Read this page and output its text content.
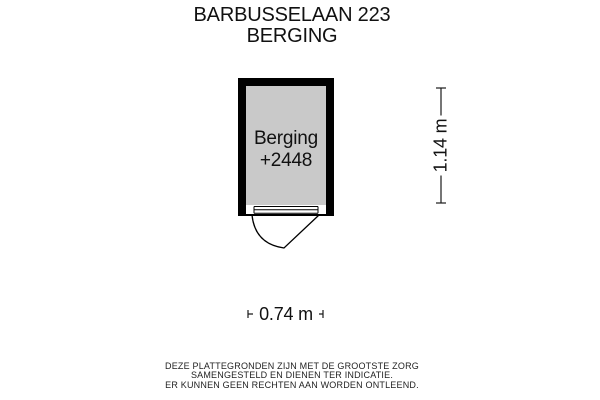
BARBUSSELAAN 223
BERGING
Berging
+2448	1.14 m
0.74 m
DEZE PLATTEGRONDEN ZIJN MET DE GROOTSTE ZORG
SAMENGESTELD EN DIENEN TER INDICATIE.
ER KUNNEN GEEN RECHTEN AAN WORDEN ONTLEEND.
